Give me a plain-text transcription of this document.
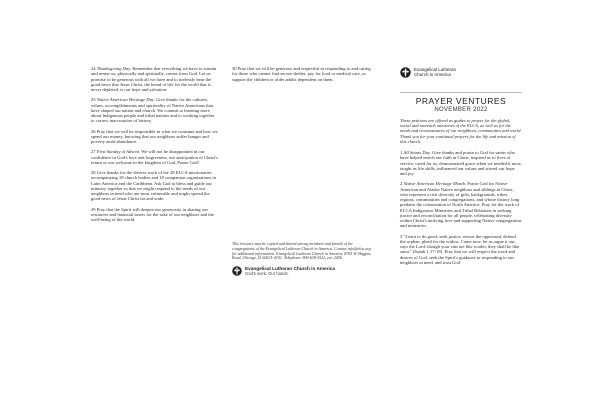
24 Thanksgiving Day. Remember that everything we have to sustain and renew us, physically and spiritually, comes from God. Let us promise to be generous with all we have and to tirelessly bear the good news that Jesus Christ, the bread of life for the world that is never depleted, is our hope and salvation.

25 Native American Heritage Day. Give thanks for the cultures, values, accomplishments and spirituality of Native Americans that have shaped our nation and church. We commit to learning more about Indigenous people and tribal nations and to working together to correct inaccuracies of history.

26 Pray that we will be responsible in what we consume and how we spend our money, knowing that our neighbors suffer hunger and poverty amid abundance.

27 First Sunday of Advent. We will not be disappointed in our confidence in God's love and forgiveness, our anticipation of Christ's return or our welcome in the kingdom of God. Praise God!

28 Give thanks for the diverse work of the 28 ELCA missionaries accompanying 18 church bodies and 18 companion organizations in Latin America and the Caribbean. Ask God to bless and guide our ministry together so that we might respond to the needs of our neighbors in need who are most vulnerable and might spread the good news of Jesus Christ far and wide.

29 Pray that the Spirit will deepen our generosity in sharing our resources and financial assets for the sake of our neighbors and the well-being of the world.

30 Pray that we will be generous and respectful in responding to and caring for those who cannot find secure shelter, pay for food or medical care, or support the children or older adults dependent on them.

This resource may be copied and shared among members and friends of the congregations of the Evangelical Lutheran Church in America. Contact info@elca.org for additional information. Evangelical Lutheran Church in America, 8765 W. Higgins Road, Chicago, IL 60631-4101. Telephone: 800-638-3522, ext. 2456.

Evangelical Lutheran Church in America
God's work. Our hands.
Evangelical Lutheran Church in America
PRAYER VENTURES
NOVEMBER 2022

These petitions are offered as guides to prayer for the global, social and outreach ministries of the ELCA, as well as for the needs and circumstances of our neighbors, communities and world. Thank you for your continued prayers for the life and mission of this church.

1 All Saints Day. Give thanks and praise to God for saints who have helped enrich our faith in Christ, inspired us to lives of service, cared for us, demonstrated grace when we needed it most, taught us life skills, influenced our values and stirred our hope and joy.

2 Native American Heritage Month. Praise God for Native American and Alaska Native neighbors and siblings in Christ, who represent a rich diversity of gifts, backgrounds, tribes, regions, communities and congregations, and whose history long predates the colonization of North America. Pray for the work of ELCA Indigenous Ministries and Tribal Relations in seeking justice and reconciliation for all people, celebrating diversity within Christ's unifying love and supporting Native congregations and ministries.

3 "Learn to do good; seek justice, rescue the oppressed, defend the orphan, plead for the widow. Come now, let us argue it out, says the Lord: though your sins are like scarlet, they shall be like snow" (Isaiah 1:17-18). Pray that we will respect the word and desires of God, seek the Spirit's guidance in responding to our neighbors in need, and trust God
